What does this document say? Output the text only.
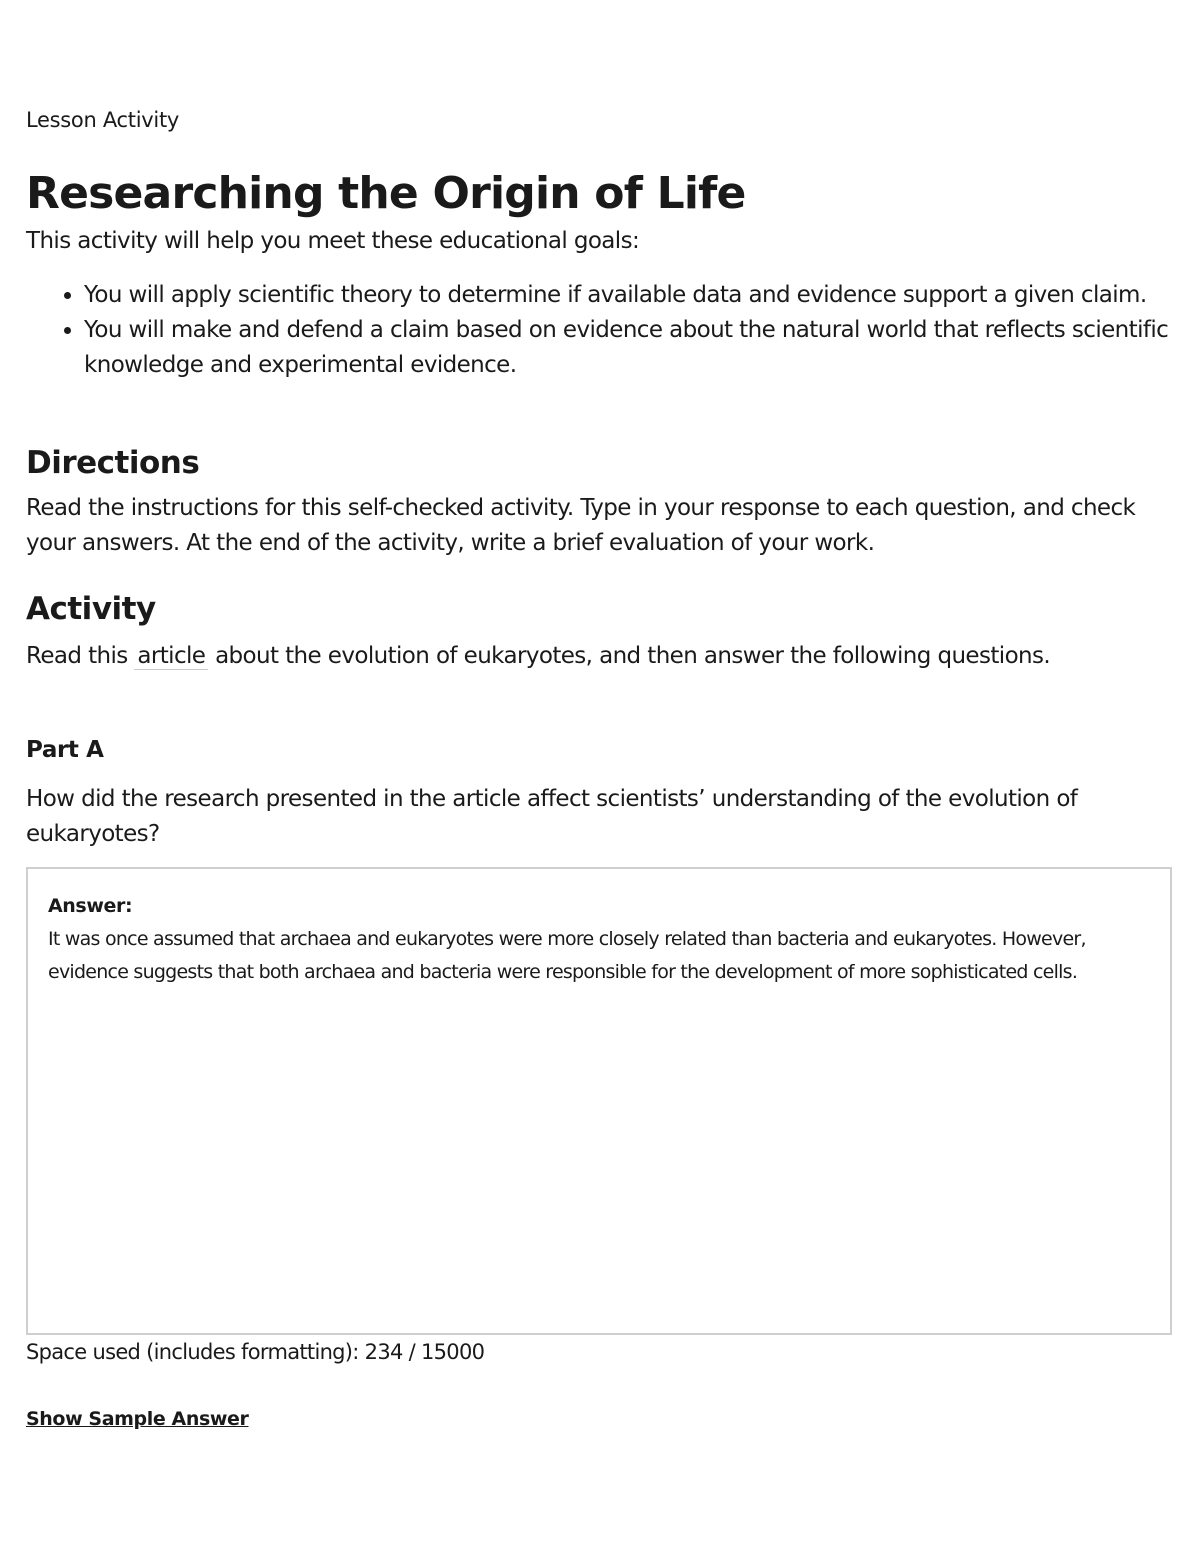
Lesson Activity
Researching the Origin of Life
This activity will help you meet these educational goals:
• You will apply scientific theory to determine if available data and evidence support a given claim.
• You will make and defend a claim based on evidence about the natural world that reflects scientific knowledge and experimental evidence.
Directions
Read the instructions for this self-checked activity. Type in your response to each question, and check your answers. At the end of the activity, write a brief evaluation of your work.
Activity
Read this article about the evolution of eukaryotes, and then answer the following questions.
Part A
How did the research presented in the article affect scientists’ understanding of the evolution of eukaryotes?
Answer:
It was once assumed that archaea and eukaryotes were more closely related than bacteria and eukaryotes. However, evidence suggests that both archaea and bacteria were responsible for the development of more sophisticated cells.
Space used (includes formatting): 234 / 15000
Show Sample Answer
